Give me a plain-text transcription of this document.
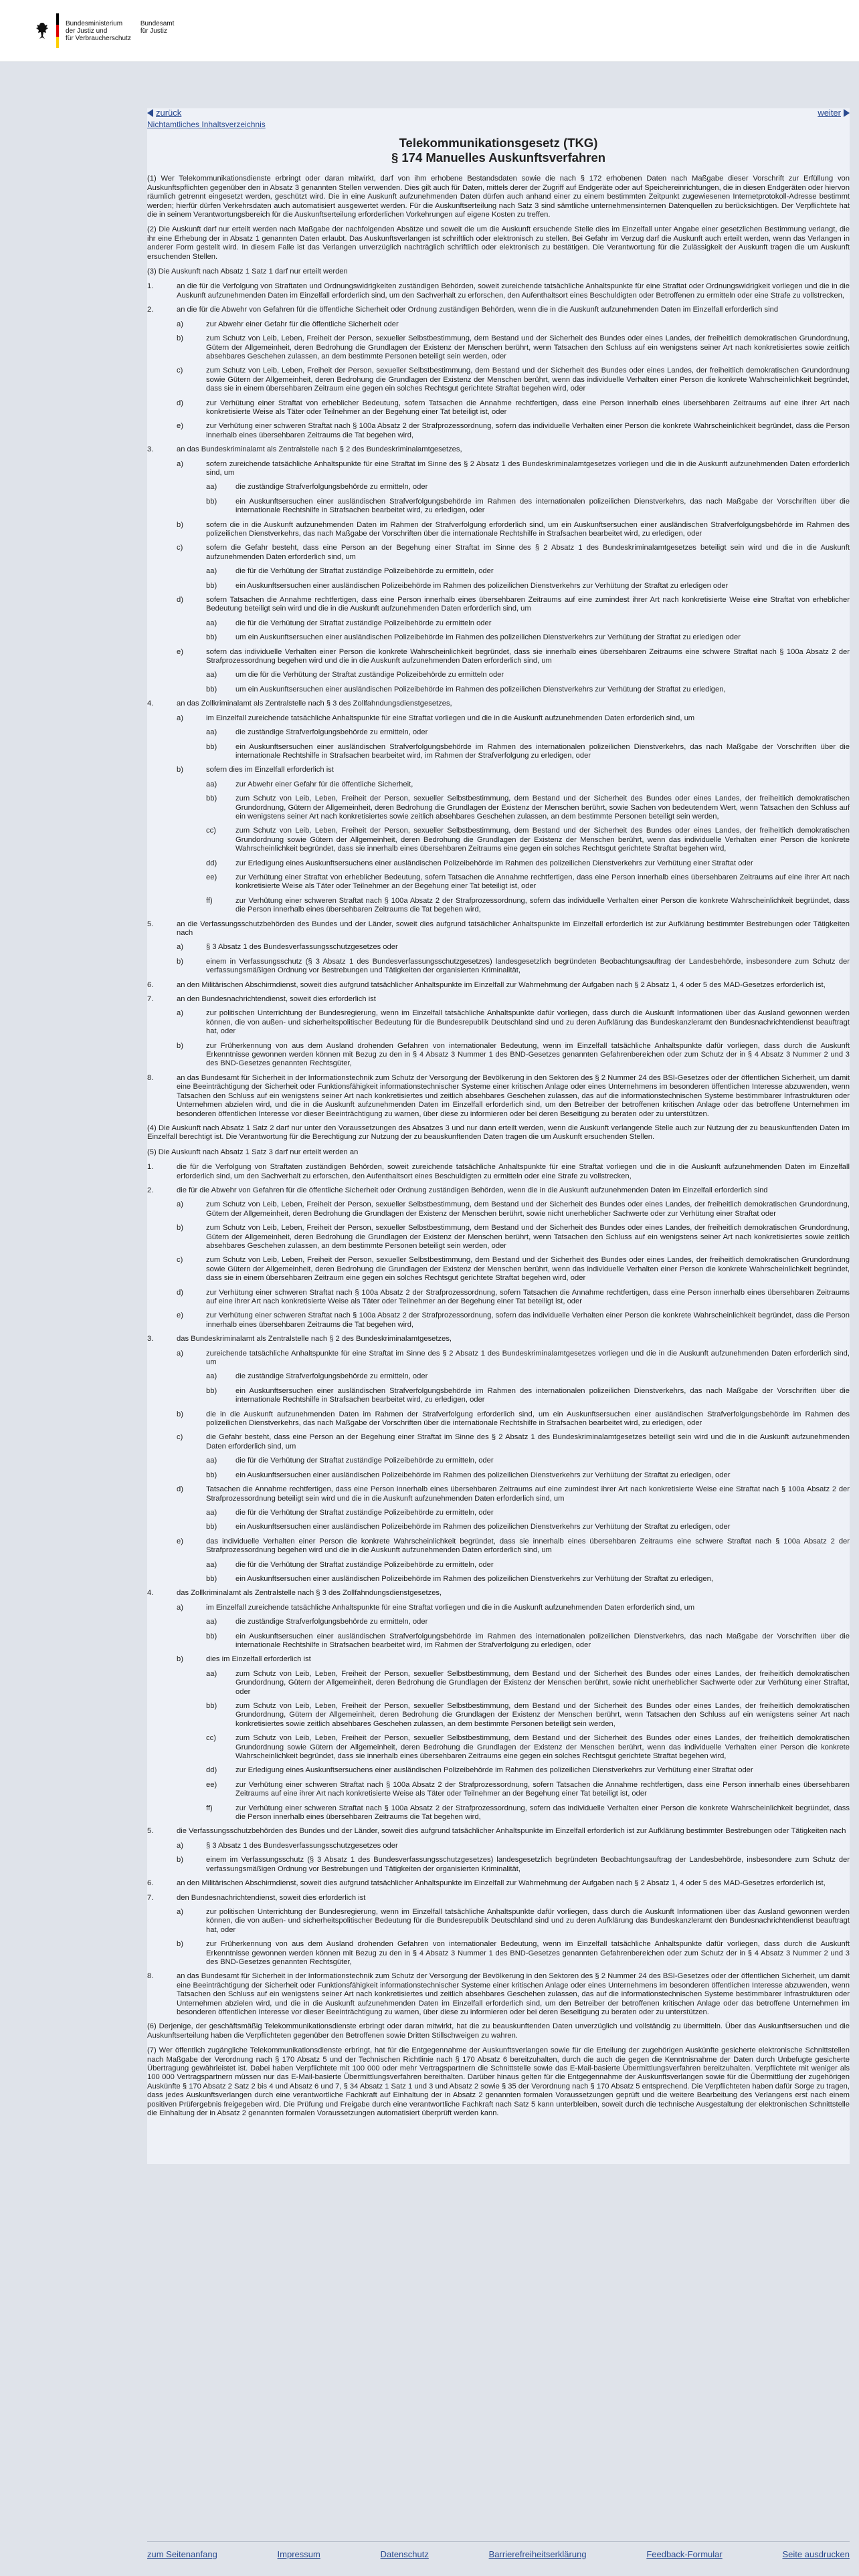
Bundesministerium
der Justiz und
für Verbraucherschutz
Bundesamt
für Justiz
zurück	weiter
Nichtamtliches Inhaltsverzeichnis
Telekommunikationsgesetz (TKG)
§ 174 Manuelles Auskunftsverfahren

(1) Wer Telekommunikationsdienste erbringt oder daran mitwirkt, darf von ihm erhobene Bestandsdaten sowie die nach § 172 erhobenen Daten nach Maßgabe dieser Vorschrift zur Erfüllung von Auskunftspflichten gegenüber den in Absatz 3 genannten Stellen verwenden. Dies gilt auch für Daten, mittels derer der Zugriff auf Endgeräte oder auf Speichereinrichtungen, die in diesen Endgeräten oder hiervon räumlich getrennt eingesetzt werden, geschützt wird. Die in eine Auskunft aufzunehmenden Daten dürfen auch anhand einer zu einem bestimmten Zeitpunkt zugewiesenen Internetprotokoll-Adresse bestimmt werden; hierfür dürfen Verkehrsdaten auch automatisiert ausgewertet werden. Für die Auskunftserteilung nach Satz 3 sind sämtliche unternehmensinternen Datenquellen zu berücksichtigen. Der Verpflichtete hat die in seinem Verantwortungsbereich für die Auskunftserteilung erforderlichen Vorkehrungen auf eigene Kosten zu treffen.

(2) Die Auskunft darf nur erteilt werden nach Maßgabe der nachfolgenden Absätze und soweit die um die Auskunft ersuchende Stelle dies im Einzelfall unter Angabe einer gesetzlichen Bestimmung verlangt, die ihr eine Erhebung der in Absatz 1 genannten Daten erlaubt. Das Auskunftsverlangen ist schriftlich oder elektronisch zu stellen. Bei Gefahr im Verzug darf die Auskunft auch erteilt werden, wenn das Verlangen in anderer Form gestellt wird. In diesem Falle ist das Verlangen unverzüglich nachträglich schriftlich oder elektronisch zu bestätigen. Die Verantwortung für die Zulässigkeit der Auskunft tragen die um Auskunft ersuchenden Stellen.

(3) Die Auskunft nach Absatz 1 Satz 1 darf nur erteilt werden

1.	an die für die Verfolgung von Straftaten und Ordnungswidrigkeiten zuständigen Behörden, soweit zureichende tatsächliche Anhaltspunkte für eine Straftat oder Ordnungswidrigkeit vorliegen und die in die Auskunft aufzunehmenden Daten im Einzelfall erforderlich sind, um den Sachverhalt zu erforschen, den Aufenthaltsort eines Beschuldigten oder Betroffenen zu ermitteln oder eine Strafe zu vollstrecken,
2.	an die für die Abwehr von Gefahren für die öffentliche Sicherheit oder Ordnung zuständigen Behörden, wenn die in die Auskunft aufzunehmenden Daten im Einzelfall erforderlich sind
a)	zur Abwehr einer Gefahr für die öffentliche Sicherheit oder
b)	zum Schutz von Leib, Leben, Freiheit der Person, sexueller Selbstbestimmung, dem Bestand und der Sicherheit des Bundes oder eines Landes, der freiheitlich demokratischen Grundordnung, Gütern der Allgemeinheit, deren Bedrohung die Grundlagen der Existenz der Menschen berührt, wenn Tatsachen den Schluss auf ein wenigstens seiner Art nach konkretisiertes sowie zeitlich absehbares Geschehen zulassen, an dem bestimmte Personen beteiligt sein werden, oder
c)	zum Schutz von Leib, Leben, Freiheit der Person, sexueller Selbstbestimmung, dem Bestand und der Sicherheit des Bundes oder eines Landes, der freiheitlich demokratischen Grundordnung sowie Gütern der Allgemeinheit, deren Bedrohung die Grundlagen der Existenz der Menschen berührt, wenn das individuelle Verhalten einer Person die konkrete Wahrscheinlichkeit begründet, dass sie in einem übersehbaren Zeitraum eine gegen ein solches Rechtsgut gerichtete Straftat begehen wird, oder
d)	zur Verhütung einer Straftat von erheblicher Bedeutung, sofern Tatsachen die Annahme rechtfertigen, dass eine Person innerhalb eines übersehbaren Zeitraums auf eine ihrer Art nach konkretisierte Weise als Täter oder Teilnehmer an der Begehung einer Tat beteiligt ist, oder
e)	zur Verhütung einer schweren Straftat nach § 100a Absatz 2 der Strafprozessordnung, sofern das individuelle Verhalten einer Person die konkrete Wahrscheinlichkeit begründet, dass die Person innerhalb eines übersehbaren Zeitraums die Tat begehen wird,
3.	an das Bundeskriminalamt als Zentralstelle nach § 2 des Bundeskriminalamtgesetzes,
a)	sofern zureichende tatsächliche Anhaltspunkte für eine Straftat im Sinne des § 2 Absatz 1 des Bundeskriminalamtgesetzes vorliegen und die in die Auskunft aufzunehmenden Daten erforderlich sind, um
aa)	die zuständige Strafverfolgungsbehörde zu ermitteln, oder
bb)	ein Auskunftsersuchen einer ausländischen Strafverfolgungsbehörde im Rahmen des internationalen polizeilichen Dienstverkehrs, das nach Maßgabe der Vorschriften über die internationale Rechtshilfe in Strafsachen bearbeitet wird, zu erledigen, oder
b)	sofern die in die Auskunft aufzunehmenden Daten im Rahmen der Strafverfolgung erforderlich sind, um ein Auskunftsersuchen einer ausländischen Strafverfolgungsbehörde im Rahmen des polizeilichen Dienstverkehrs, das nach Maßgabe der Vorschriften über die internationale Rechtshilfe in Strafsachen bearbeitet wird, zu erledigen, oder
c)	sofern die Gefahr besteht, dass eine Person an der Begehung einer Straftat im Sinne des § 2 Absatz 1 des Bundeskriminalamtgesetzes beteiligt sein wird und die in die Auskunft aufzunehmenden Daten erforderlich sind, um
aa)	die für die Verhütung der Straftat zuständige Polizeibehörde zu ermitteln, oder
bb)	ein Auskunftsersuchen einer ausländischen Polizeibehörde im Rahmen des polizeilichen Dienstverkehrs zur Verhütung der Straftat zu erledigen oder
d)	sofern Tatsachen die Annahme rechtfertigen, dass eine Person innerhalb eines übersehbaren Zeitraums auf eine zumindest ihrer Art nach konkretisierte Weise eine Straftat von erheblicher Bedeutung beteiligt sein wird und die in die Auskunft aufzunehmenden Daten erforderlich sind, um
aa)	die für die Verhütung der Straftat zuständige Polizeibehörde zu ermitteln oder
bb)	um ein Auskunftsersuchen einer ausländischen Polizeibehörde im Rahmen des polizeilichen Dienstverkehrs zur Verhütung der Straftat zu erledigen oder
e)	sofern das individuelle Verhalten einer Person die konkrete Wahrscheinlichkeit begründet, dass sie innerhalb eines übersehbaren Zeitraums eine schwere Straftat nach § 100a Absatz 2 der Strafprozessordnung begehen wird und die in die Auskunft aufzunehmenden Daten erforderlich sind, um
aa)	um die für die Verhütung der Straftat zuständige Polizeibehörde zu ermitteln oder
bb)	um ein Auskunftsersuchen einer ausländischen Polizeibehörde im Rahmen des polizeilichen Dienstverkehrs zur Verhütung der Straftat zu erledigen,
4.	an das Zollkriminalamt als Zentralstelle nach § 3 des Zollfahndungsdienstgesetzes,
a)	im Einzelfall zureichende tatsächliche Anhaltspunkte für eine Straftat vorliegen und die in die Auskunft aufzunehmenden Daten erforderlich sind, um
aa)	die zuständige Strafverfolgungsbehörde zu ermitteln, oder
bb)	ein Auskunftsersuchen einer ausländischen Strafverfolgungsbehörde im Rahmen des internationalen polizeilichen Dienstverkehrs, das nach Maßgabe der Vorschriften über die internationale Rechtshilfe in Strafsachen bearbeitet wird, im Rahmen der Strafverfolgung zu erledigen, oder
b)	sofern dies im Einzelfall erforderlich ist
aa)	zur Abwehr einer Gefahr für die öffentliche Sicherheit,
bb)	zum Schutz von Leib, Leben, Freiheit der Person, sexueller Selbstbestimmung, dem Bestand und der Sicherheit des Bundes oder eines Landes, der freiheitlich demokratischen Grundordnung, Gütern der Allgemeinheit, deren Bedrohung die Grundlagen der Existenz der Menschen berührt, sowie Sachen von bedeutendem Wert, wenn Tatsachen den Schluss auf ein wenigstens seiner Art nach konkretisiertes sowie zeitlich absehbares Geschehen zulassen, an dem bestimmte Personen beteiligt sein werden,
cc)	zum Schutz von Leib, Leben, Freiheit der Person, sexueller Selbstbestimmung, dem Bestand und der Sicherheit des Bundes oder eines Landes, der freiheitlich demokratischen Grundordnung sowie Gütern der Allgemeinheit, deren Bedrohung die Grundlagen der Existenz der Menschen berührt, wenn das individuelle Verhalten einer Person die konkrete Wahrscheinlichkeit begründet, dass sie innerhalb eines übersehbaren Zeitraums eine gegen ein solches Rechtsgut gerichtete Straftat begehen wird,
dd)	zur Erledigung eines Auskunftsersuchens einer ausländischen Polizeibehörde im Rahmen des polizeilichen Dienstverkehrs zur Verhütung einer Straftat oder
ee)	zur Verhütung einer Straftat von erheblicher Bedeutung, sofern Tatsachen die Annahme rechtfertigen, dass eine Person innerhalb eines übersehbaren Zeitraums auf eine ihrer Art nach konkretisierte Weise als Täter oder Teilnehmer an der Begehung einer Tat beteiligt ist, oder
ff)	zur Verhütung einer schweren Straftat nach § 100a Absatz 2 der Strafprozessordnung, sofern das individuelle Verhalten einer Person die konkrete Wahrscheinlichkeit begründet, dass die Person innerhalb eines übersehbaren Zeitraums die Tat begehen wird,
5.	an die Verfassungsschutzbehörden des Bundes und der Länder, soweit dies aufgrund tatsächlicher Anhaltspunkte im Einzelfall erforderlich ist zur Aufklärung bestimmter Bestrebungen oder Tätigkeiten nach
a)	§ 3 Absatz 1 des Bundesverfassungsschutzgesetzes oder
b)	einem in Verfassungsschutz (§ 3 Absatz 1 des Bundesverfassungsschutzgesetzes) landesgesetzlich begründeten Beobachtungsauftrag der Landesbehörde, insbesondere zum Schutz der verfassungsmäßigen Ordnung vor Bestrebungen und Tätigkeiten der organisierten Kriminalität,
6.	an den Militärischen Abschirmdienst, soweit dies aufgrund tatsächlicher Anhaltspunkte im Einzelfall zur Wahrnehmung der Aufgaben nach § 2 Absatz 1, 4 oder 5 des MAD-Gesetzes erforderlich ist,
7.	an den Bundesnachrichtendienst, soweit dies erforderlich ist
a)	zur politischen Unterrichtung der Bundesregierung, wenn im Einzelfall tatsächliche Anhaltspunkte dafür vorliegen, dass durch die Auskunft Informationen über das Ausland gewonnen werden können, die von außen- und sicherheitspolitischer Bedeutung für die Bundesrepublik Deutschland sind und zu deren Aufklärung das Bundeskanzleramt den Bundesnachrichtendienst beauftragt hat, oder
b)	zur Früherkennung von aus dem Ausland drohenden Gefahren von internationaler Bedeutung, wenn im Einzelfall tatsächliche Anhaltspunkte dafür vorliegen, dass durch die Auskunft Erkenntnisse gewonnen werden können mit Bezug zu den in § 4 Absatz 3 Nummer 1 des BND-Gesetzes genannten Gefahrenbereichen oder zum Schutz der in § 4 Absatz 3 Nummer 2 und 3 des BND-Gesetzes genannten Rechtsgüter,
8.	an das Bundesamt für Sicherheit in der Informationstechnik zum Schutz der Versorgung der Bevölkerung in den Sektoren des § 2 Nummer 24 des BSI-Gesetzes oder der öffentlichen Sicherheit, um damit eine Beeinträchtigung der Sicherheit oder Funktionsfähigkeit informationstechnischer Systeme einer kritischen Anlage oder eines Unternehmens im besonderen öffentlichen Interesse abzuwenden, wenn Tatsachen den Schluss auf ein wenigstens seiner Art nach konkretisiertes und zeitlich absehbares Geschehen zulassen, das auf die informationstechnischen Systeme bestimmbarer Infrastrukturen oder Unternehmen abzielen wird, und die in die Auskunft aufzunehmenden Daten im Einzelfall erforderlich sind, um den Betreiber der betroffenen kritischen Anlage oder das betroffene Unternehmen im besonderen öffentlichen Interesse vor dieser Beeinträchtigung zu warnen, über diese zu informieren oder bei deren Beseitigung zu beraten oder zu unterstützen.

(4) Die Auskunft nach Absatz 1 Satz 2 darf nur unter den Voraussetzungen des Absatzes 3 und nur dann erteilt werden, wenn die Auskunft verlangende Stelle auch zur Nutzung der zu beauskunftenden Daten im Einzelfall berechtigt ist. Die Verantwortung für die Berechtigung zur Nutzung der zu beauskunftenden Daten tragen die um Auskunft ersuchenden Stellen.

(5) Die Auskunft nach Absatz 1 Satz 3 darf nur erteilt werden an

1.	die für die Verfolgung von Straftaten zuständigen Behörden, soweit zureichende tatsächliche Anhaltspunkte für eine Straftat vorliegen und die in die Auskunft aufzunehmenden Daten im Einzelfall erforderlich sind, um den Sachverhalt zu erforschen, den Aufenthaltsort eines Beschuldigten zu ermitteln oder eine Strafe zu vollstrecken,
2.	die für die Abwehr von Gefahren für die öffentliche Sicherheit oder Ordnung zuständigen Behörden, wenn die in die Auskunft aufzunehmenden Daten im Einzelfall erforderlich sind
a)	zum Schutz von Leib, Leben, Freiheit der Person, sexueller Selbstbestimmung, dem Bestand und der Sicherheit des Bundes oder eines Landes, der freiheitlich demokratischen Grundordnung, Gütern der Allgemeinheit, deren Bedrohung die Grundlagen der Existenz der Menschen berührt, sowie nicht unerheblicher Sachwerte oder zur Verhütung einer Straftat oder
b)	zum Schutz von Leib, Leben, Freiheit der Person, sexueller Selbstbestimmung, dem Bestand und der Sicherheit des Bundes oder eines Landes, der freiheitlich demokratischen Grundordnung, Gütern der Allgemeinheit, deren Bedrohung die Grundlagen der Existenz der Menschen berührt, wenn Tatsachen den Schluss auf ein wenigstens seiner Art nach konkretisiertes sowie zeitlich absehbares Geschehen zulassen, an dem bestimmte Personen beteiligt sein werden, oder
c)	zum Schutz von Leib, Leben, Freiheit der Person, sexueller Selbstbestimmung, dem Bestand und der Sicherheit des Bundes oder eines Landes, der freiheitlich demokratischen Grundordnung sowie Gütern der Allgemeinheit, deren Bedrohung die Grundlagen der Existenz der Menschen berührt, wenn das individuelle Verhalten einer Person die konkrete Wahrscheinlichkeit begründet, dass sie in einem übersehbaren Zeitraum eine gegen ein solches Rechtsgut gerichtete Straftat begehen wird, oder
d)	zur Verhütung einer schweren Straftat nach § 100a Absatz 2 der Strafprozessordnung, sofern Tatsachen die Annahme rechtfertigen, dass eine Person innerhalb eines übersehbaren Zeitraums auf eine ihrer Art nach konkretisierte Weise als Täter oder Teilnehmer an der Begehung einer Tat beteiligt ist, oder
e)	zur Verhütung einer schweren Straftat nach § 100a Absatz 2 der Strafprozessordnung, sofern das individuelle Verhalten einer Person die konkrete Wahrscheinlichkeit begründet, dass die Person innerhalb eines übersehbaren Zeitraums die Tat begehen wird,
3.	das Bundeskriminalamt als Zentralstelle nach § 2 des Bundeskriminalamtgesetzes,
a)	zureichende tatsächliche Anhaltspunkte für eine Straftat im Sinne des § 2 Absatz 1 des Bundeskriminalamtgesetzes vorliegen und die in die Auskunft aufzunehmenden Daten erforderlich sind, um
aa)	die zuständige Strafverfolgungsbehörde zu ermitteln, oder
bb)	ein Auskunftsersuchen einer ausländischen Strafverfolgungsbehörde im Rahmen des internationalen polizeilichen Dienstverkehrs, das nach Maßgabe der Vorschriften über die internationale Rechtshilfe in Strafsachen bearbeitet wird, zu erledigen, oder
b)	die in die Auskunft aufzunehmenden Daten im Rahmen der Strafverfolgung erforderlich sind, um ein Auskunftsersuchen einer ausländischen Strafverfolgungsbehörde im Rahmen des polizeilichen Dienstverkehrs, das nach Maßgabe der Vorschriften über die internationale Rechtshilfe in Strafsachen bearbeitet wird, zu erledigen, oder
c)	die Gefahr besteht, dass eine Person an der Begehung einer Straftat im Sinne des § 2 Absatz 1 des Bundeskriminalamtgesetzes beteiligt sein wird und die in die Auskunft aufzunehmenden Daten erforderlich sind, um
aa)	die für die Verhütung der Straftat zuständige Polizeibehörde zu ermitteln, oder
bb)	ein Auskunftsersuchen einer ausländischen Polizeibehörde im Rahmen des polizeilichen Dienstverkehrs zur Verhütung der Straftat zu erledigen, oder
d)	Tatsachen die Annahme rechtfertigen, dass eine Person innerhalb eines übersehbaren Zeitraums auf eine zumindest ihrer Art nach konkretisierte Weise eine Straftat nach § 100a Absatz 2 der Strafprozessordnung beteiligt sein wird und die in die Auskunft aufzunehmenden Daten erforderlich sind, um
aa)	die für die Verhütung der Straftat zuständige Polizeibehörde zu ermitteln, oder
bb)	ein Auskunftsersuchen einer ausländischen Polizeibehörde im Rahmen des polizeilichen Dienstverkehrs zur Verhütung der Straftat zu erledigen, oder
e)	das individuelle Verhalten einer Person die konkrete Wahrscheinlichkeit begründet, dass sie innerhalb eines übersehbaren Zeitraums eine schwere Straftat nach § 100a Absatz 2 der Strafprozessordnung begehen wird und die in die Auskunft aufzunehmenden Daten erforderlich sind, um
aa)	die für die Verhütung der Straftat zuständige Polizeibehörde zu ermitteln, oder
bb)	ein Auskunftsersuchen einer ausländischen Polizeibehörde im Rahmen des polizeilichen Dienstverkehrs zur Verhütung der Straftat zu erledigen,
4.	das Zollkriminalamt als Zentralstelle nach § 3 des Zollfahndungsdienstgesetzes,
a)	im Einzelfall zureichende tatsächliche Anhaltspunkte für eine Straftat vorliegen und die in die Auskunft aufzunehmenden Daten erforderlich sind, um
aa)	die zuständige Strafverfolgungsbehörde zu ermitteln, oder
bb)	ein Auskunftsersuchen einer ausländischen Strafverfolgungsbehörde im Rahmen des internationalen polizeilichen Dienstverkehrs, das nach Maßgabe der Vorschriften über die internationale Rechtshilfe in Strafsachen bearbeitet wird, im Rahmen der Strafverfolgung zu erledigen, oder
b)	dies im Einzelfall erforderlich ist
aa)	zum Schutz von Leib, Leben, Freiheit der Person, sexueller Selbstbestimmung, dem Bestand und der Sicherheit des Bundes oder eines Landes, der freiheitlich demokratischen Grundordnung, Gütern der Allgemeinheit, deren Bedrohung die Grundlagen der Existenz der Menschen berührt, sowie nicht unerheblicher Sachwerte oder zur Verhütung einer Straftat, oder
bb)	zum Schutz von Leib, Leben, Freiheit der Person, sexueller Selbstbestimmung, dem Bestand und der Sicherheit des Bundes oder eines Landes, der freiheitlich demokratischen Grundordnung, Gütern der Allgemeinheit, deren Bedrohung die Grundlagen der Existenz der Menschen berührt, wenn Tatsachen den Schluss auf ein wenigstens seiner Art nach konkretisiertes sowie zeitlich absehbares Geschehen zulassen, an dem bestimmte Personen beteiligt sein werden,
cc)	zum Schutz von Leib, Leben, Freiheit der Person, sexueller Selbstbestimmung, dem Bestand und der Sicherheit des Bundes oder eines Landes, der freiheitlich demokratischen Grundordnung sowie Gütern der Allgemeinheit, deren Bedrohung die Grundlagen der Existenz der Menschen berührt, wenn das individuelle Verhalten einer Person die konkrete Wahrscheinlichkeit begründet, dass sie innerhalb eines übersehbaren Zeitraums eine gegen ein solches Rechtsgut gerichtete Straftat begehen wird,
dd)	zur Erledigung eines Auskunftsersuchens einer ausländischen Polizeibehörde im Rahmen des polizeilichen Dienstverkehrs zur Verhütung einer Straftat oder
ee)	zur Verhütung einer schweren Straftat nach § 100a Absatz 2 der Strafprozessordnung, sofern Tatsachen die Annahme rechtfertigen, dass eine Person innerhalb eines übersehbaren Zeitraums auf eine ihrer Art nach konkretisierte Weise als Täter oder Teilnehmer an der Begehung einer Tat beteiligt ist, oder
ff)	zur Verhütung einer schweren Straftat nach § 100a Absatz 2 der Strafprozessordnung, sofern das individuelle Verhalten einer Person die konkrete Wahrscheinlichkeit begründet, dass die Person innerhalb eines übersehbaren Zeitraums die Tat begehen wird,
5.	die Verfassungsschutzbehörden des Bundes und der Länder, soweit dies aufgrund tatsächlicher Anhaltspunkte im Einzelfall erforderlich ist zur Aufklärung bestimmter Bestrebungen oder Tätigkeiten nach
a)	§ 3 Absatz 1 des Bundesverfassungsschutzgesetzes oder
b)	einem im Verfassungsschutz (§ 3 Absatz 1 des Bundesverfassungsschutzgesetzes) landesgesetzlich begründeten Beobachtungsauftrag der Landesbehörde, insbesondere zum Schutz der verfassungsmäßigen Ordnung vor Bestrebungen und Tätigkeiten der organisierten Kriminalität,
6.	an den Militärischen Abschirmdienst, soweit dies aufgrund tatsächlicher Anhaltspunkte im Einzelfall zur Wahrnehmung der Aufgaben nach § 2 Absatz 1, 4 oder 5 des MAD-Gesetzes erforderlich ist,
7.	den Bundesnachrichtendienst, soweit dies erforderlich ist
a)	zur politischen Unterrichtung der Bundesregierung, wenn im Einzelfall tatsächliche Anhaltspunkte dafür vorliegen, dass durch die Auskunft Informationen über das Ausland gewonnen werden können, die von außen- und sicherheitspolitischer Bedeutung für die Bundesrepublik Deutschland sind und zu deren Aufklärung das Bundeskanzleramt den Bundesnachrichtendienst beauftragt hat, oder
b)	zur Früherkennung von aus dem Ausland drohenden Gefahren von internationaler Bedeutung, wenn im Einzelfall tatsächliche Anhaltspunkte dafür vorliegen, dass durch die Auskunft Erkenntnisse gewonnen werden können mit Bezug zu den in § 4 Absatz 3 Nummer 1 des BND-Gesetzes genannten Gefahrenbereichen oder zum Schutz der in § 4 Absatz 3 Nummer 2 und 3 des BND-Gesetzes genannten Rechtsgüter,
8.	an das Bundesamt für Sicherheit in der Informationstechnik zum Schutz der Versorgung der Bevölkerung in den Sektoren des § 2 Nummer 24 des BSI-Gesetzes oder der öffentlichen Sicherheit, um damit eine Beeinträchtigung der Sicherheit oder Funktionsfähigkeit informationstechnischer Systeme einer kritischen Anlage oder eines Unternehmens im besonderen öffentlichen Interesse abzuwenden, wenn Tatsachen den Schluss auf ein wenigstens seiner Art nach konkretisiertes und zeitlich absehbares Geschehen zulassen, das auf die informationstechnischen Systeme bestimmbarer Infrastrukturen oder Unternehmen abzielen wird, und die in die Auskunft aufzunehmenden Daten im Einzelfall erforderlich sind, um den Betreiber der betroffenen kritischen Anlage oder das betroffene Unternehmen im besonderen öffentlichen Interesse vor dieser Beeinträchtigung zu warnen, über diese zu informieren oder bei deren Beseitigung zu beraten oder zu unterstützen.

(6) Derjenige, der geschäftsmäßig Telekommunikationsdienste erbringt oder daran mitwirkt, hat die zu beauskunftenden Daten unverzüglich und vollständig zu übermitteln. Über das Auskunftsersuchen und die Auskunftserteilung haben die Verpflichteten gegenüber den Betroffenen sowie Dritten Stillschweigen zu wahren.

(7) Wer öffentlich zugängliche Telekommunikationsdienste erbringt, hat für die Entgegennahme der Auskunftsverlangen sowie für die Erteilung der zugehörigen Auskünfte gesicherte elektronische Schnittstellen nach Maßgabe der Verordnung nach § 170 Absatz 5 und der Technischen Richtlinie nach § 170 Absatz 6 bereitzuhalten, durch die auch die gegen die Kenntnisnahme der Daten durch Unbefugte gesicherte Übertragung gewährleistet ist. Dabei haben Verpflichtete mit 100 000 oder mehr Vertragspartnern die Schnittstelle sowie das E-Mail-basierte Übermittlungsverfahren bereitzuhalten. Verpflichtete mit weniger als 100 000 Vertragspartnern müssen nur das E-Mail-basierte Übermittlungsverfahren bereithalten. Darüber hinaus gelten für die Entgegennahme der Auskunftsverlangen sowie für die Übermittlung der zugehörigen Auskünfte § 170 Absatz 2 Satz 2 bis 4 und Absatz 6 und 7, § 34 Absatz 1 Satz 1 und 3 und Absatz 2 sowie § 35 der Verordnung nach § 170 Absatz 5 entsprechend. Die Verpflichteten haben dafür Sorge zu tragen, dass jedes Auskunftsverlangen durch eine verantwortliche Fachkraft auf Einhaltung der in Absatz 2 genannten formalen Voraussetzungen geprüft und die weitere Bearbeitung des Verlangens erst nach einem positiven Prüfergebnis freigegeben wird. Die Prüfung und Freigabe durch eine verantwortliche Fachkraft nach Satz 5 kann unterbleiben, soweit durch die technische Ausgestaltung der elektronischen Schnittstelle die Einhaltung der in Absatz 2 genannten formalen Voraussetzungen automatisiert überprüft werden kann.

zum Seitenanfang	Impressum	Datenschutz	Barrierefreiheitserklärung	Feedback-Formular	Seite ausdrucken
